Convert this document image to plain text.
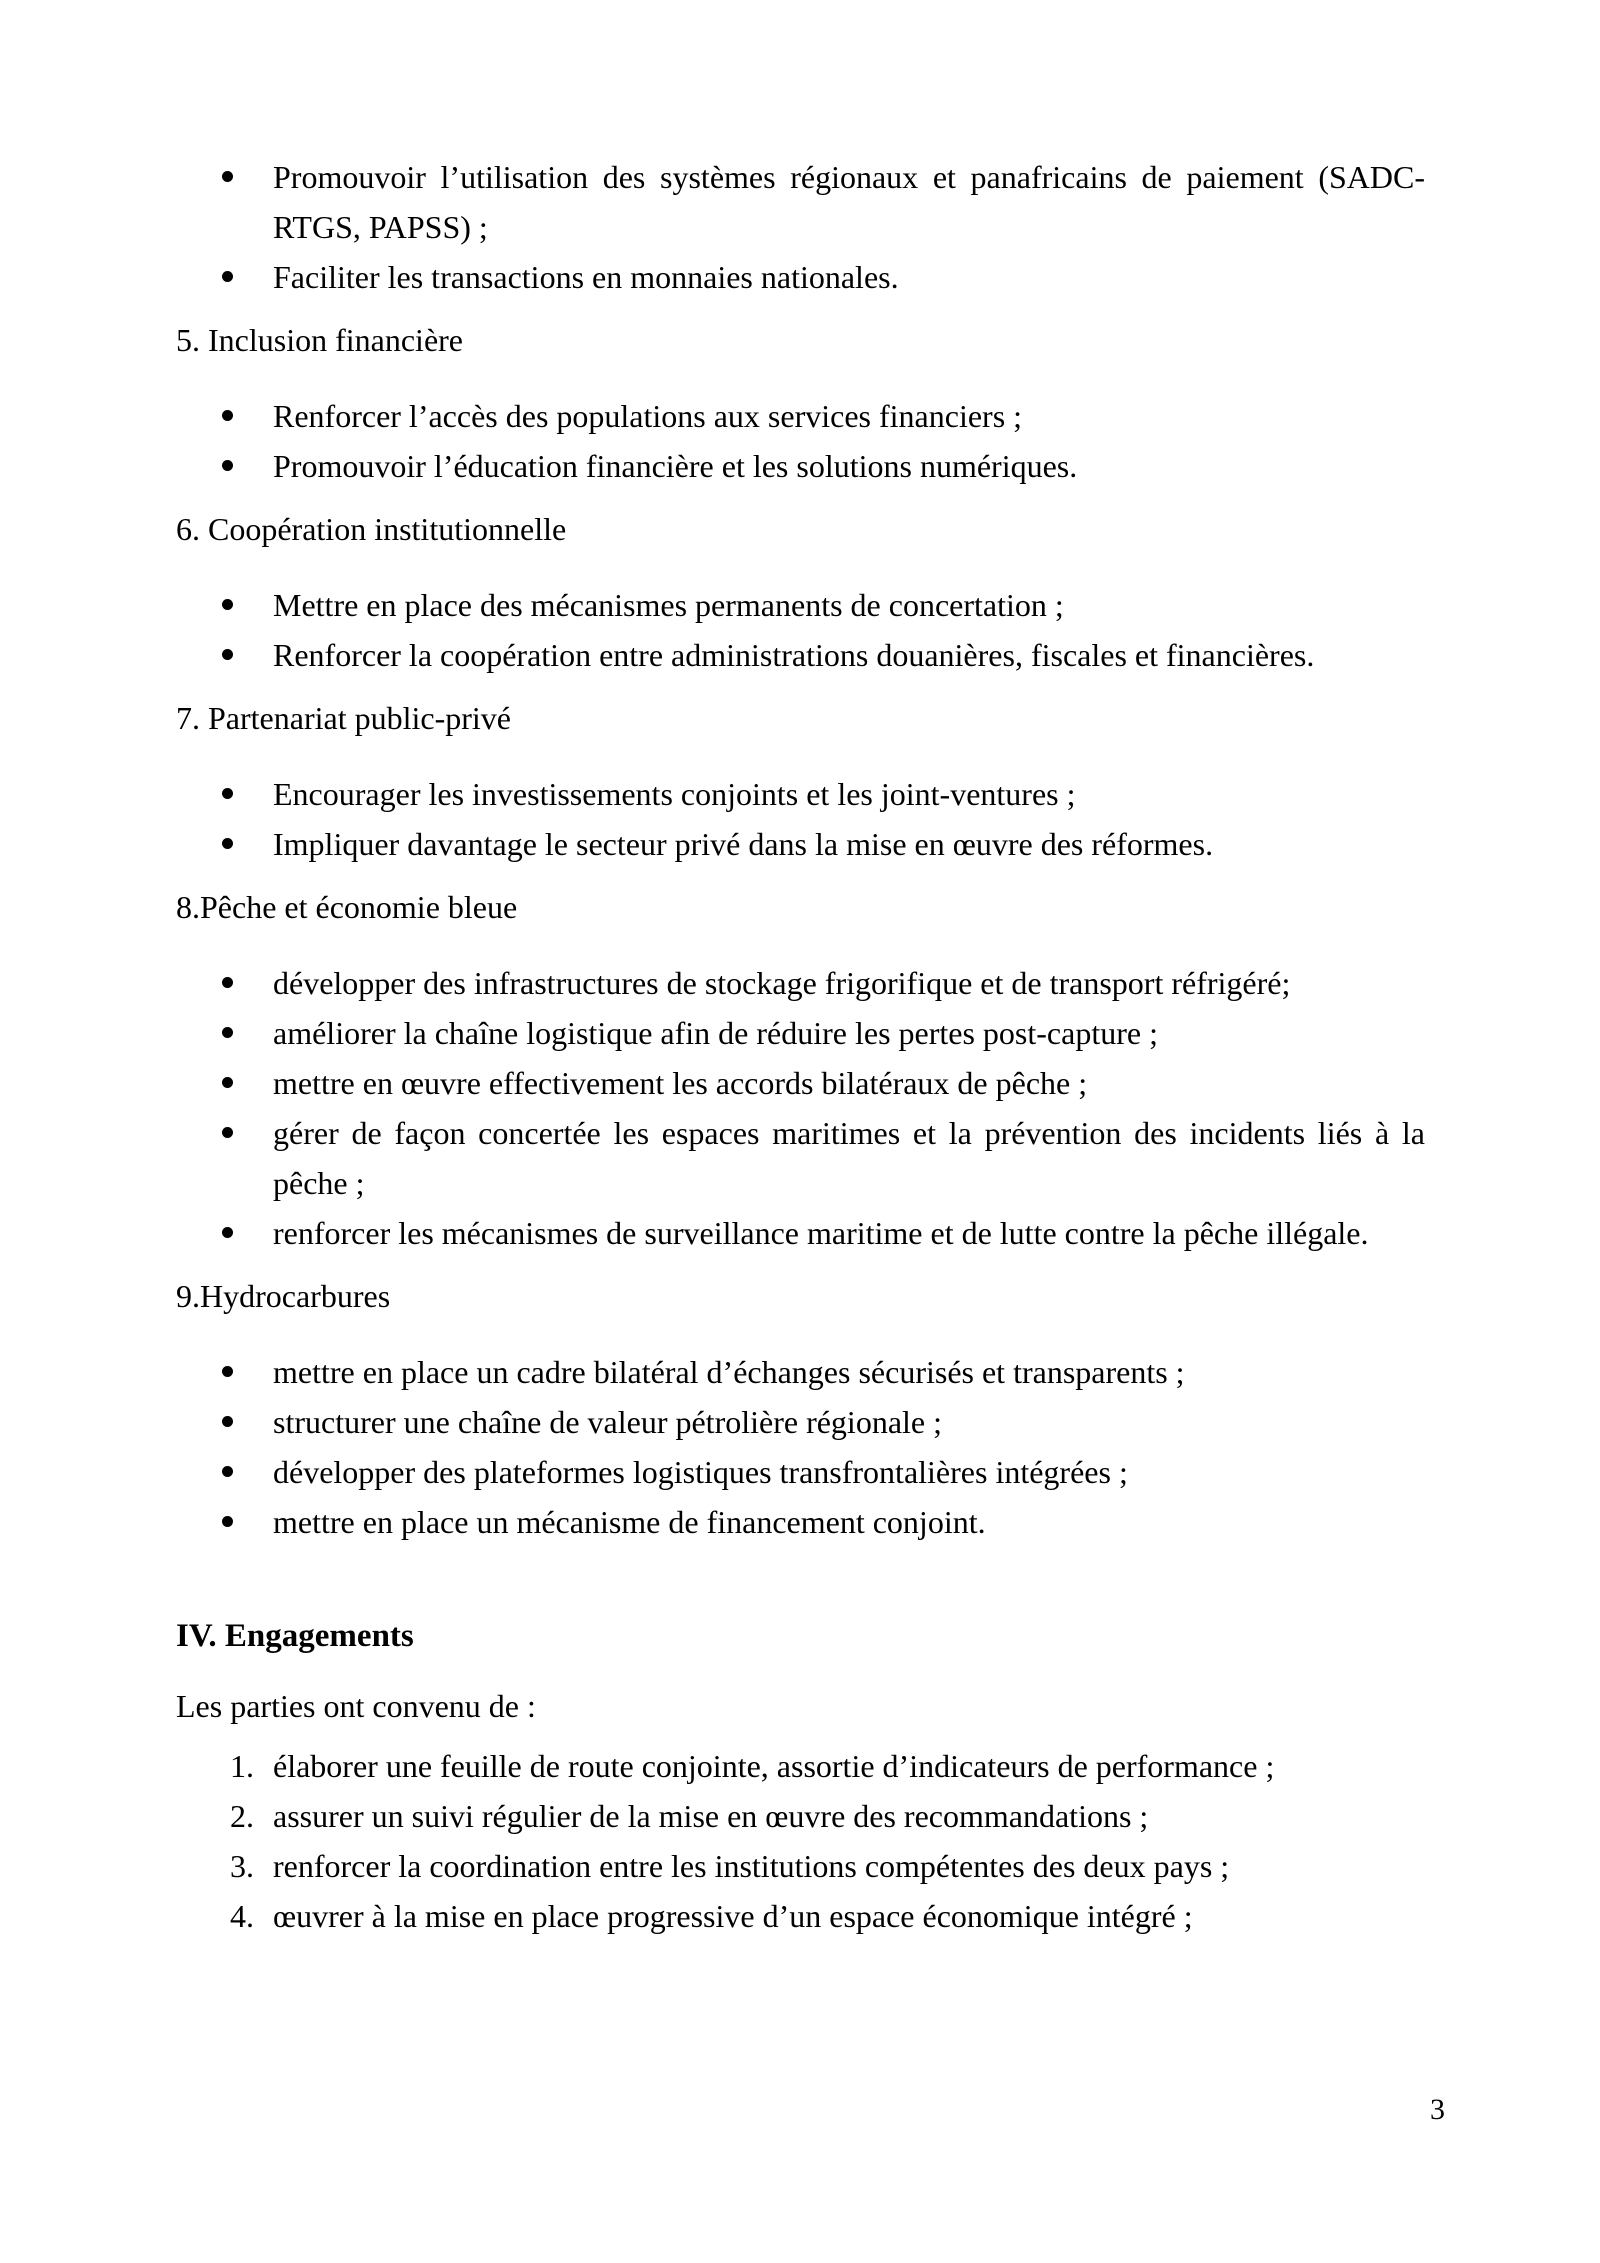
Promouvoir l’utilisation des systèmes régionaux et panafricains de paiement (SADC-RTGS, PAPSS) ;
Faciliter les transactions en monnaies nationales.
5. Inclusion financière
Renforcer l’accès des populations aux services financiers ;
Promouvoir l’éducation financière et les solutions numériques.
6. Coopération institutionnelle
Mettre en place des mécanismes permanents de concertation ;
Renforcer la coopération entre administrations douanières, fiscales et financières.
7. Partenariat public-privé
Encourager les investissements conjoints et les joint-ventures ;
Impliquer davantage le secteur privé dans la mise en œuvre des réformes.
8.Pêche et économie bleue
développer des infrastructures de stockage frigorifique et de transport réfrigéré;
améliorer la chaîne logistique afin de réduire les pertes post-capture ;
mettre en œuvre effectivement les accords bilatéraux de pêche ;
gérer de façon concertée les espaces maritimes et la prévention des incidents liés à la pêche ;
renforcer les mécanismes de surveillance maritime et de lutte contre la pêche illégale.
9.Hydrocarbures
mettre en place un cadre bilatéral d’échanges sécurisés et transparents ;
structurer une chaîne de valeur pétrolière régionale ;
développer des plateformes logistiques transfrontalières intégrées ;
mettre en place un mécanisme de financement conjoint.
IV. Engagements

Les parties ont convenu de :

1. élaborer une feuille de route conjointe, assortie d’indicateurs de performance ;
2. assurer un suivi régulier de la mise en œuvre des recommandations ;
3. renforcer la coordination entre les institutions compétentes des deux pays ;
4. œuvrer à la mise en place progressive d’un espace économique intégré ;
3
